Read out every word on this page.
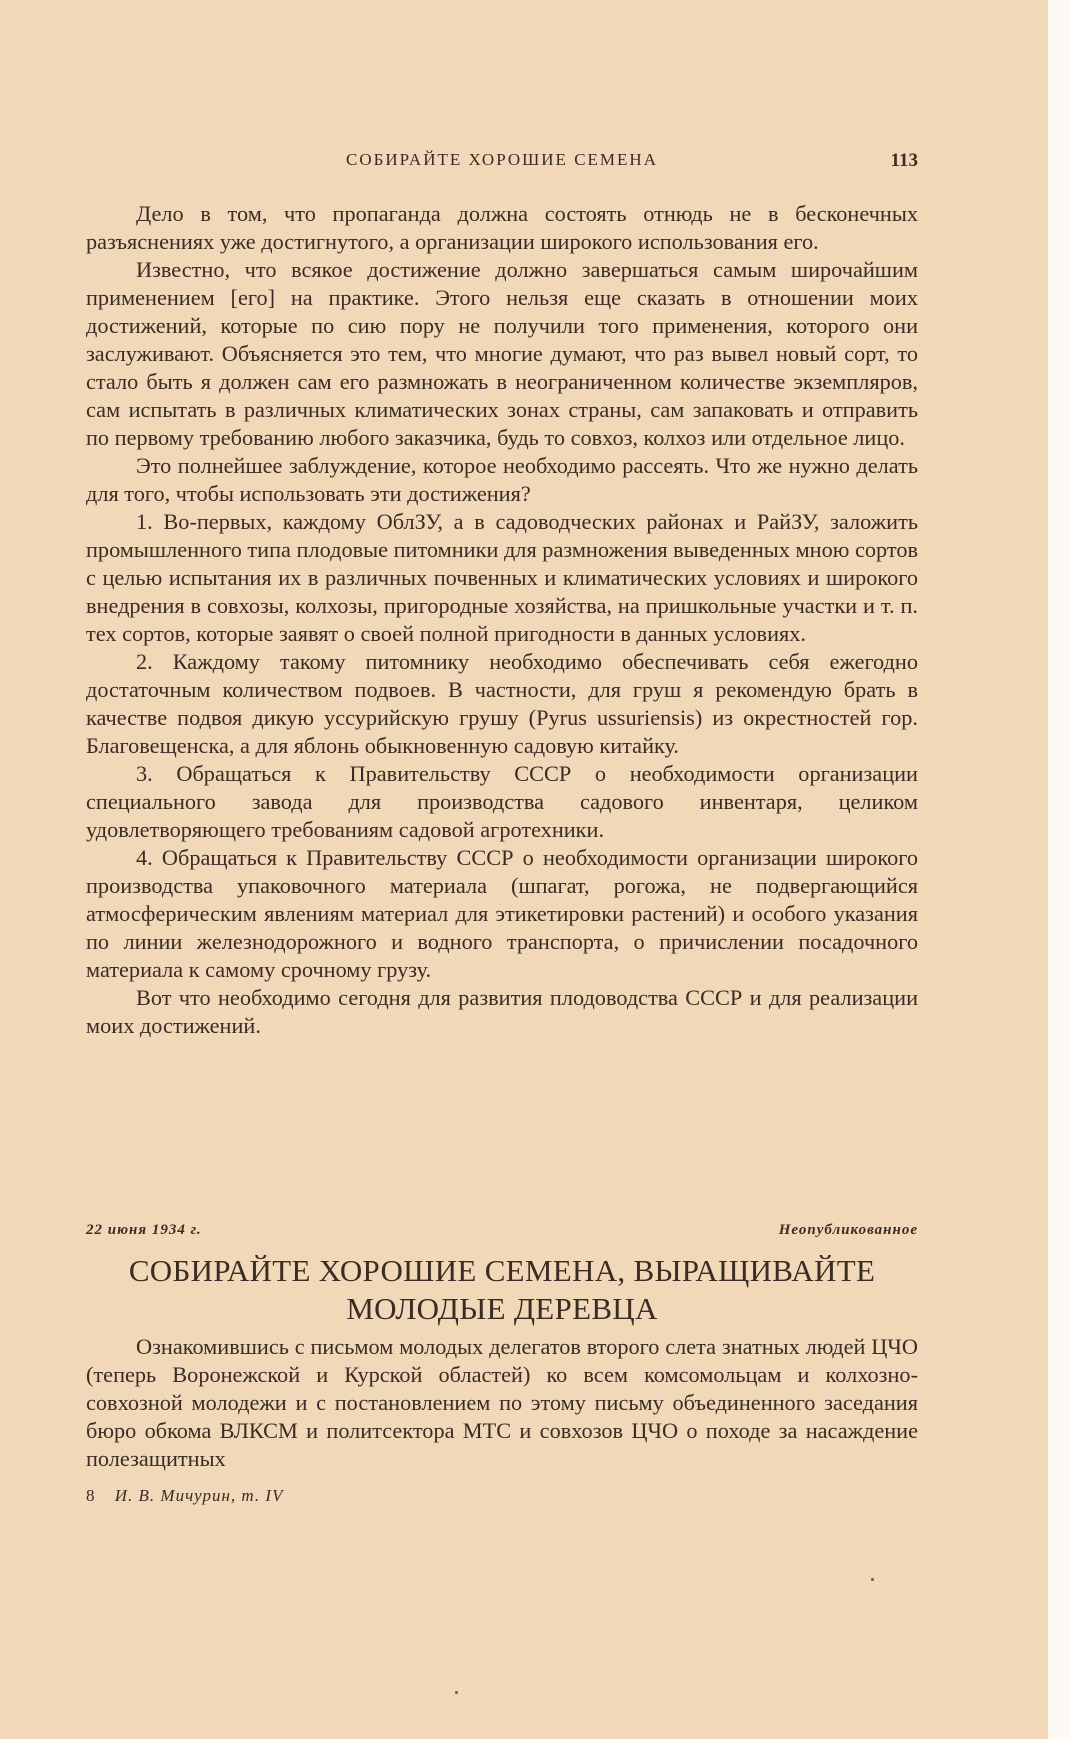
СОБИРАЙТЕ ХОРОШИЕ СЕМЕНА	113

Дело в том, что пропаганда должна состоять отнюдь не в бесконечных разъяснениях уже достигнутого, а организации широкого использования его.

Известно, что всякое достижение должно завершаться самым широчайшим применением [его] на практике. Этого нельзя еще сказать в отношении моих достижений, которые по сию пору не получили того применения, которого они заслуживают. Объясняется это тем, что многие думают, что раз вывел новый сорт, то стало быть я должен сам его размножать в неограниченном количестве экземпляров, сам испытать в различных климатических зонах страны, сам запаковать и отправить по первому требованию любого заказчика, будь то совхоз, колхоз или отдельное лицо.

Это полнейшее заблуждение, которое необходимо рассеять. Что же нужно делать для того, чтобы использовать эти достижения?

1. Во-первых, каждому ОблЗУ, а в садоводческих районах и РайЗУ, заложить промышленного типа плодовые питомники для размножения выведенных мною сортов с целью испытания их в различных почвенных и климатических условиях и широкого внедрения в совхозы, колхозы, пригородные хозяйства, на пришкольные участки и т. п. тех сортов, которые заявят о своей полной пригодности в данных условиях.

2. Каждому такому питомнику необходимо обеспечивать себя ежегодно достаточным количеством подвоев. В частности, для груш я рекомендую брать в качестве подвоя дикую уссурийскую грушу (Pyrus ussuriensis) из окрестностей гор. Благовещенска, а для яблонь обыкновенную садовую китайку.

3. Обращаться к Правительству СССР о необходимости организации специального завода для производства садового инвентаря, целиком удовлетворяющего требованиям садовой агротехники.

4. Обращаться к Правительству СССР о необходимости организации широкого производства упаковочного материала (шпагат, рогожа, не подвергающийся атмосферическим явлениям материал для этикетировки растений) и особого указания по линии железнодорожного и водного транспорта, о причислении посадочного материала к самому срочному грузу.

Вот что необходимо сегодня для развития плодоводства СССР и для реализации моих достижений.

22 июня 1934 г.	Неопубликованное
СОБИРАЙТЕ ХОРОШИЕ СЕМЕНА, ВЫРАЩИВАЙТЕ
МОЛОДЫЕ ДЕРЕВЦА

Ознакомившись с письмом молодых делегатов второго слета знатных людей ЦЧО (теперь Воронежской и Курской областей) ко всем комсомольцам и колхозно-совхозной молодежи и с постановлением по этому письму объединенного заседания бюро обкома ВЛКСМ и политсектора МТС и совхозов ЦЧО о походе за насаждение полезащитных

8 И. В. Мичурин, т. IV
